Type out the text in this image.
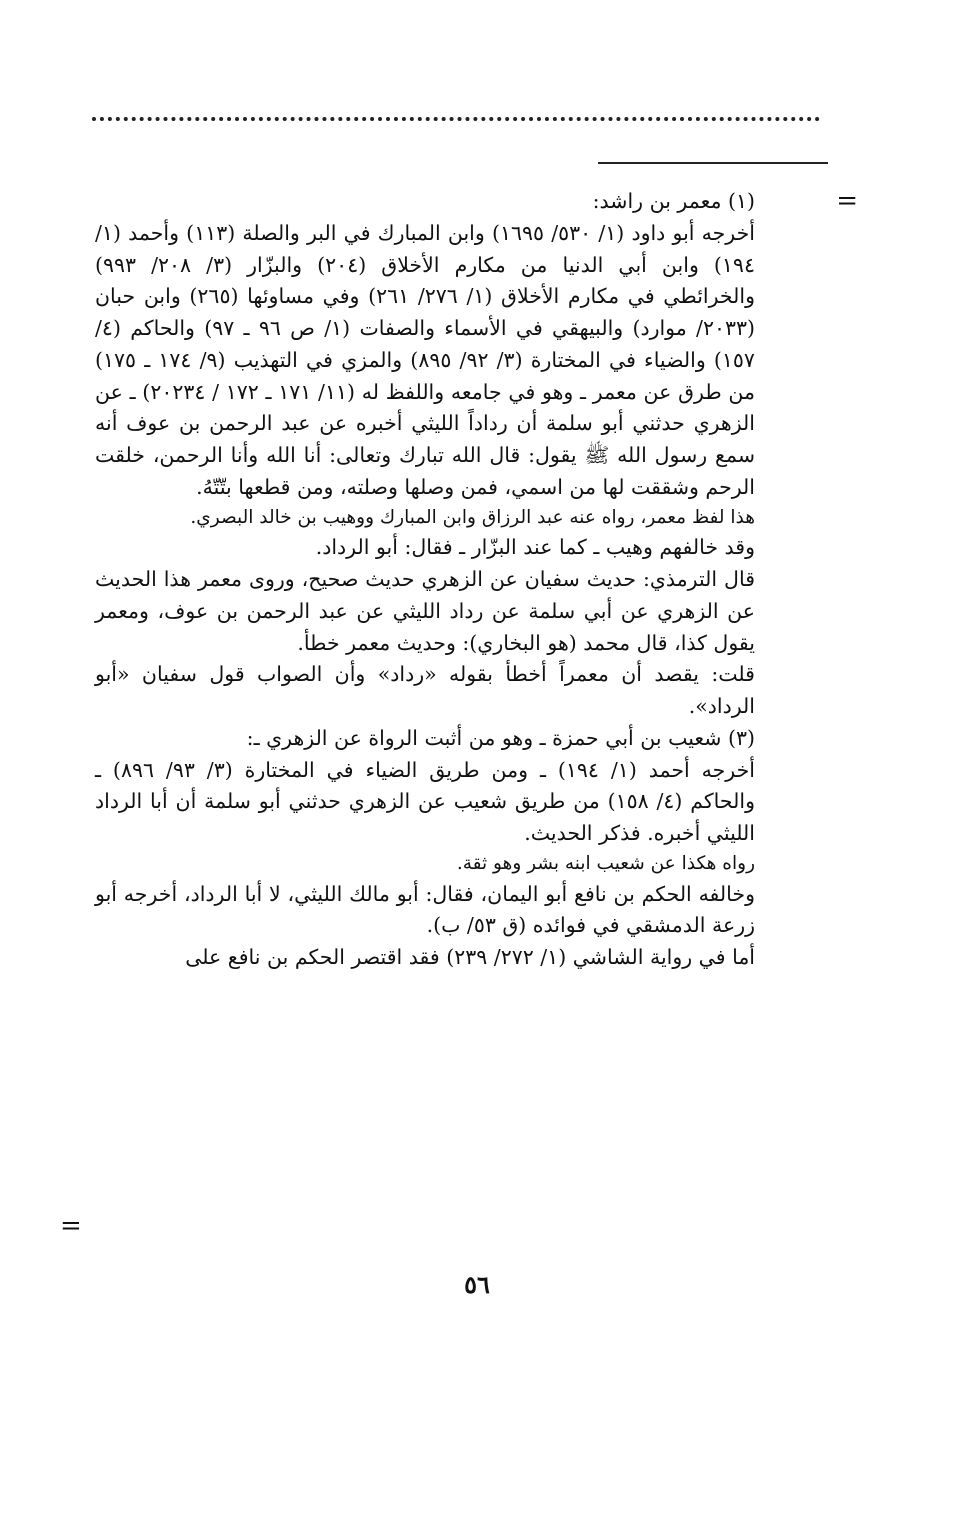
=

(١) معمر بن راشد:

أخرجه أبو داود (١/ ٥٣٠/ ١٦٩٥) وابن المبارك في البر والصلة (١١٣) وأحمد (١/ ١٩٤) وابن أبي الدنيا من مكارم الأخلاق (٢٠٤) والبزّار (٣/ ٢٠٨/ ٩٩٣) والخرائطي في مكارم الأخلاق (١/ ٢٧٦/ ٢٦١) وفي مساوئها (٢٦٥) وابن حبان (٢٠٣٣/ موارد) والبيهقي في الأسماء والصفات (١/ ص ٩٦ ـ ٩٧) والحاكم (٤/ ١٥٧) والضياء في المختارة (٣/ ٩٢/ ٨٩٥) والمزي في التهذيب (٩/ ١٧٤ ـ ١٧٥) من طرق عن معمر ـ وهو في جامعه واللفظ له (١١/ ١٧١ ـ ١٧٢ / ٢٠٢٣٤) ـ عن الزهري حدثني أبو سلمة أن رداداً الليثي أخبره عن عبد الرحمن بن عوف أنه سمع رسول الله ﷺ يقول: قال الله تبارك وتعالى: أنا الله وأنا الرحمن، خلقت الرحم وشققت لها من اسمي، فمن وصلها وصلته، ومن قطعها بتّتّهُ.

هذا لفظ معمر، رواه عنه عبد الرزاق وابن المبارك ووهيب بن خالد البصري.

وقد خالفهم وهيب ـ كما عند البزّار ـ فقال: أبو الرداد.

قال الترمذي: حديث سفيان عن الزهري حديث صحيح، وروى معمر هذا الحديث عن الزهري عن أبي سلمة عن رداد الليثي عن عبد الرحمن بن عوف، ومعمر يقول كذا، قال محمد (هو البخاري): وحديث معمر خطأ.

قلت: يقصد أن معمراً أخطأ بقوله «رداد» وأن الصواب قول سفيان «أبو الرداد».

(٣) شعيب بن أبي حمزة ـ وهو من أثبت الرواة عن الزهري ـ:

أخرجه أحمد (١/ ١٩٤) ـ ومن طريق الضياء في المختارة (٣/ ٩٣/ ٨٩٦) ـ والحاكم (٤/ ١٥٨) من طريق شعيب عن الزهري حدثني أبو سلمة أن أبا الرداد الليثي أخبره. فذكر الحديث.

رواه هكذا عن شعيب ابنه بشر وهو ثقة.

وخالفه الحكم بن نافع أبو اليمان، فقال: أبو مالك الليثي، لا أبا الرداد، أخرجه أبو زرعة الدمشقي في فوائده (ق ٥٣/ ب).

أما في رواية الشاشي (١/ ٢٧٢/ ٢٣٩) فقد اقتصر الحكم بن نافع على

=
٥٦
